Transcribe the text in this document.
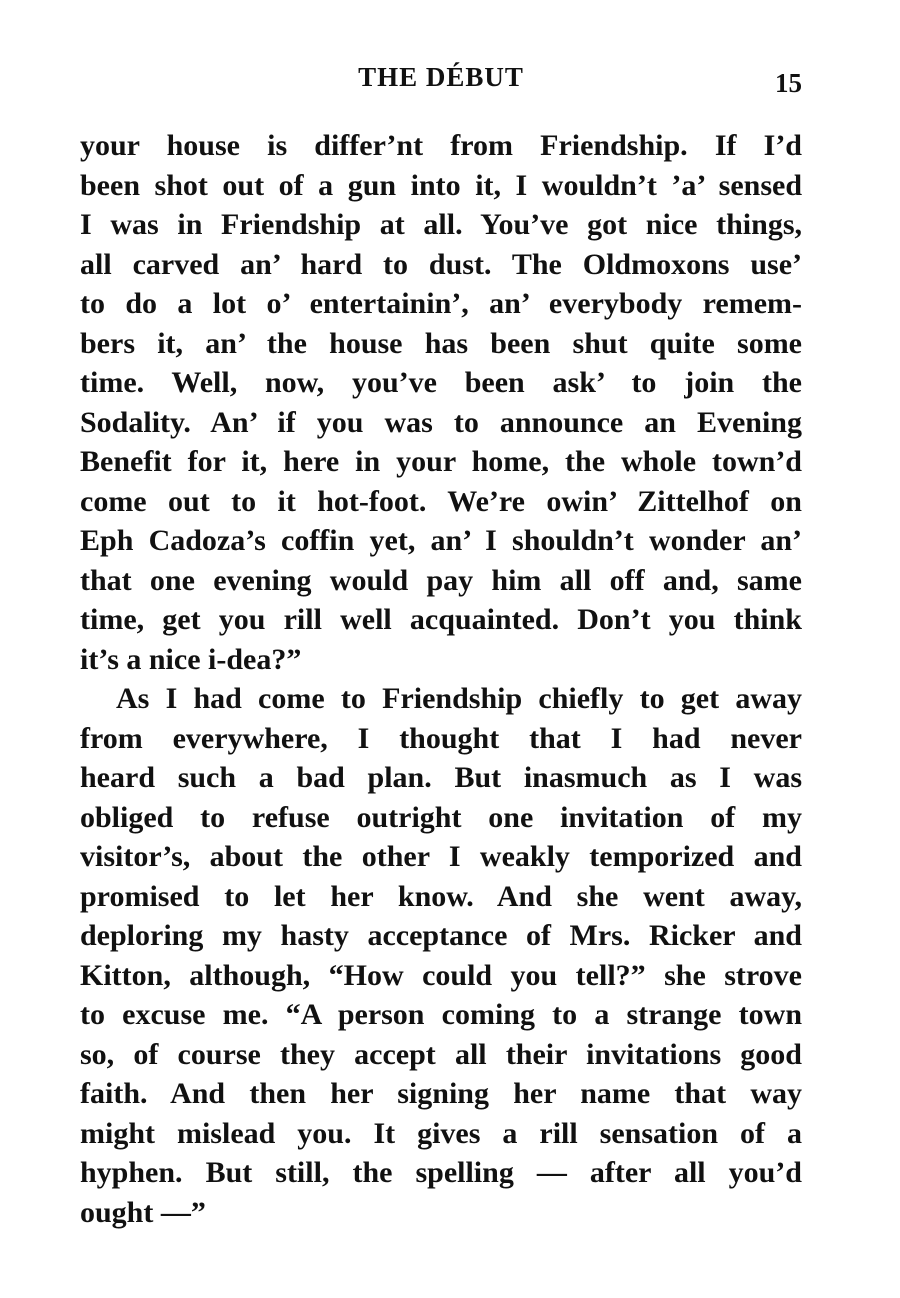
THE DÉBUT	15
your house is differ’nt from Friendship. If I’d
been shot out of a gun into it, I wouldn’t ’a’ sensed
I was in Friendship at all. You’ve got nice things,
all carved an’ hard to dust. The Oldmoxons use’
to do a lot o’ entertainin’, an’ everybody remem-
bers it, an’ the house has been shut quite some
time. Well, now, you’ve been ask’ to join the
Sodality. An’ if you was to announce an Evening
Benefit for it, here in your home, the whole town’d
come out to it hot-foot. We’re owin’ Zittelhof on
Eph Cadoza’s coffin yet, an’ I shouldn’t wonder an’
that one evening would pay him all off and, same
time, get you rill well acquainted. Don’t you think
it’s a nice i-dea?”
As I had come to Friendship chiefly to get away
from everywhere, I thought that I had never
heard such a bad plan. But inasmuch as I was
obliged to refuse outright one invitation of my
visitor’s, about the other I weakly temporized and
promised to let her know. And she went away,
deploring my hasty acceptance of Mrs. Ricker and
Kitton, although, “How could you tell?” she strove
to excuse me. “A person coming to a strange town
so, of course they accept all their invitations good
faith. And then her signing her name that way
might mislead you. It gives a rill sensation of a
hyphen. But still, the spelling — after all you’d
ought —”
